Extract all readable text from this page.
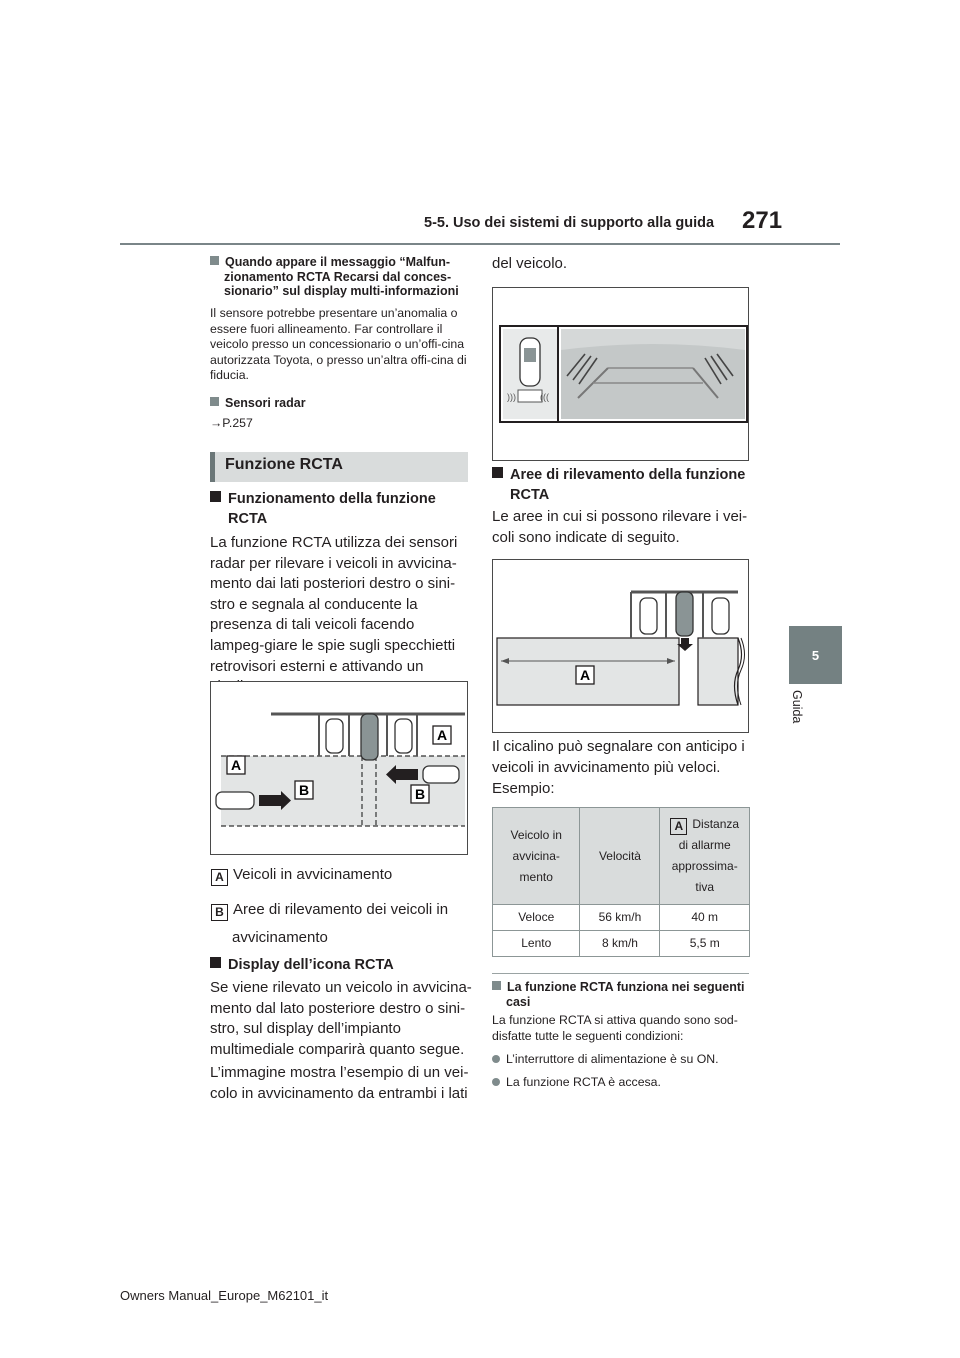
5-5. Uso dei sistemi di supporto alla guida 271
5
Guida
Quando appare il messaggio “Malfun-zionamento RCTA Recarsi dal conces-sionario” sul display multi-informazioni
Il sensore potrebbe presentare un’anomalia o essere fuori allineamento. Far controllare il veicolo presso un concessionario o un’offi-cina autorizzata Toyota, o presso un’altra offi-cina di fiducia.
Sensori radar
→P.257
Funzione RCTA
Funzionamento della funzione
RCTA
La funzione RCTA utilizza dei sensori radar per rilevare i veicoli in avvicina-mento dai lati posteriori destro o sini-stro e segnala al conducente la presenza di tali veicoli facendo lampeg-giare le spie sugli specchietti retrovisori esterni e attivando un
A
A
B	B
A Veicoli in avvicinamento
B Aree di rilevamento dei veicoli in
avvicinamento
Display dell’icona RCTA
Se viene rilevato un veicolo in avvicina-mento dal lato posteriore destro o sini-stro, sul display dell’impianto multimediale comparirà quanto segue.
L’immagine mostra l’esempio di un vei-colo in avvicinamento da entrambi i lati
del veicolo.
)))	(((
Aree di rilevamento della funzione
RCTA
Le aree in cui si possono rilevare i vei-coli sono indicate di seguito.
A
Il cicalino può segnalare con anticipo i veicoli in avvicinamento più veloci.
Esempio:
Veicolo in avvicina-mento	Velocità	A Distanza
di allarme approssima-tiva
Veloce	56 km/h	40 m
Lento	8 km/h	5,5 m
La funzione RCTA funziona nei seguenti casi
La funzione RCTA si attiva quando sono sod-disfatte tutte le seguenti condizioni:
L’interruttore di alimentazione è su ON.
La funzione RCTA è accesa.
Owners Manual_Europe_M62101_it
